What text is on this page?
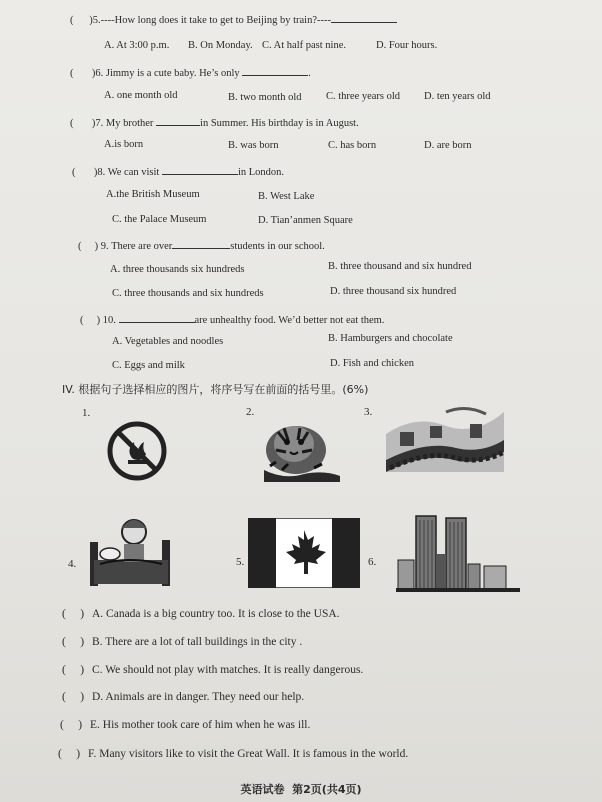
(      )5.----How long does it take to get to Beijing by train?----
A. At 3:00 p.m. B. On Monday. C. At half past nine.	D. Four hours.
(       )6. Jimmy is a cute baby. He’s only	.
A. one month old	B. two month old C. three years old D. ten years old
(       )7. My brother	in Summer. His birthday is in August.
A.is born	B. was born	C. has born	D. are born
(       )8. We can visit	in London.
A.the British Museum	B. West Lake
C. the Palace Museum	D. Tian’anmen Square
(     ) 9. There are over	students in our school.
A. three thousands six hundreds	B. three thousand and six hundred
C. three thousands and six hundreds	D. three thousand six hundred
(     ) 10.	are unhealthy food. We’d better not eat them.
A. Vegetables and noodles	B. Hamburgers and chocolate
C. Eggs and milk	D. Fish and chicken
IV. 根据句子选择相应的图片，将序号写在前面的括号里。(6%)
1.	2.	3.
4.	5.	6.
(     ) A. Canada is a big country too. It is close to the USA.
(     ) B. There are a lot of tall buildings in the city .
(     ) C. We should not play with matches. It is really dangerous.
(     ) D. Animals are in danger. They need our help.
(     ) E. His mother took care of him when he was ill.
(     ) F. Many visitors like to visit the Great Wall. It is famous in the world.
英语试卷 第2页(共4页)
